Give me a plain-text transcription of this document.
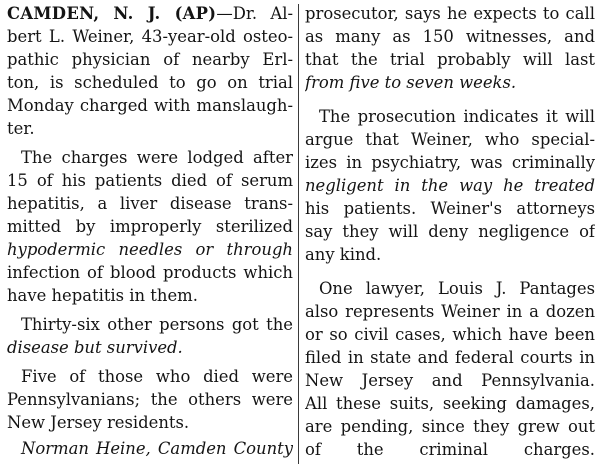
CAMDEN, N. J. (AP)—Dr. Al-
bert L. Weiner, 43-year-old osteo-
pathic physician of nearby Erl-
ton, is scheduled to go on trial
Monday charged with manslaugh-
ter.
The charges were lodged after
15 of his patients died of serum
hepatitis, a liver disease trans-
mitted by improperly sterilized
hypodermic needles or through
infection of blood products which
have hepatitis in them.
Thirty-six other persons got the
disease but survived.
Five of those who died were
Pennsylvanians; the others were
New Jersey residents.
Norman Heine, Camden County
prosecutor, says he expects to call
as many as 150 witnesses, and
that the trial probably will last
from five to seven weeks.
The prosecution indicates it will
argue that Weiner, who special-
izes in psychiatry, was criminally
negligent in the way he treated
his patients. Weiner's attorneys
say they will deny negligence of
any kind.
One lawyer, Louis J. Pantages
also represents Weiner in a dozen
or so civil cases, which have been
filed in state and federal courts in
New Jersey and Pennsylvania.
All these suits, seeking damages,
are pending, since they grew out
of the criminal charges.
